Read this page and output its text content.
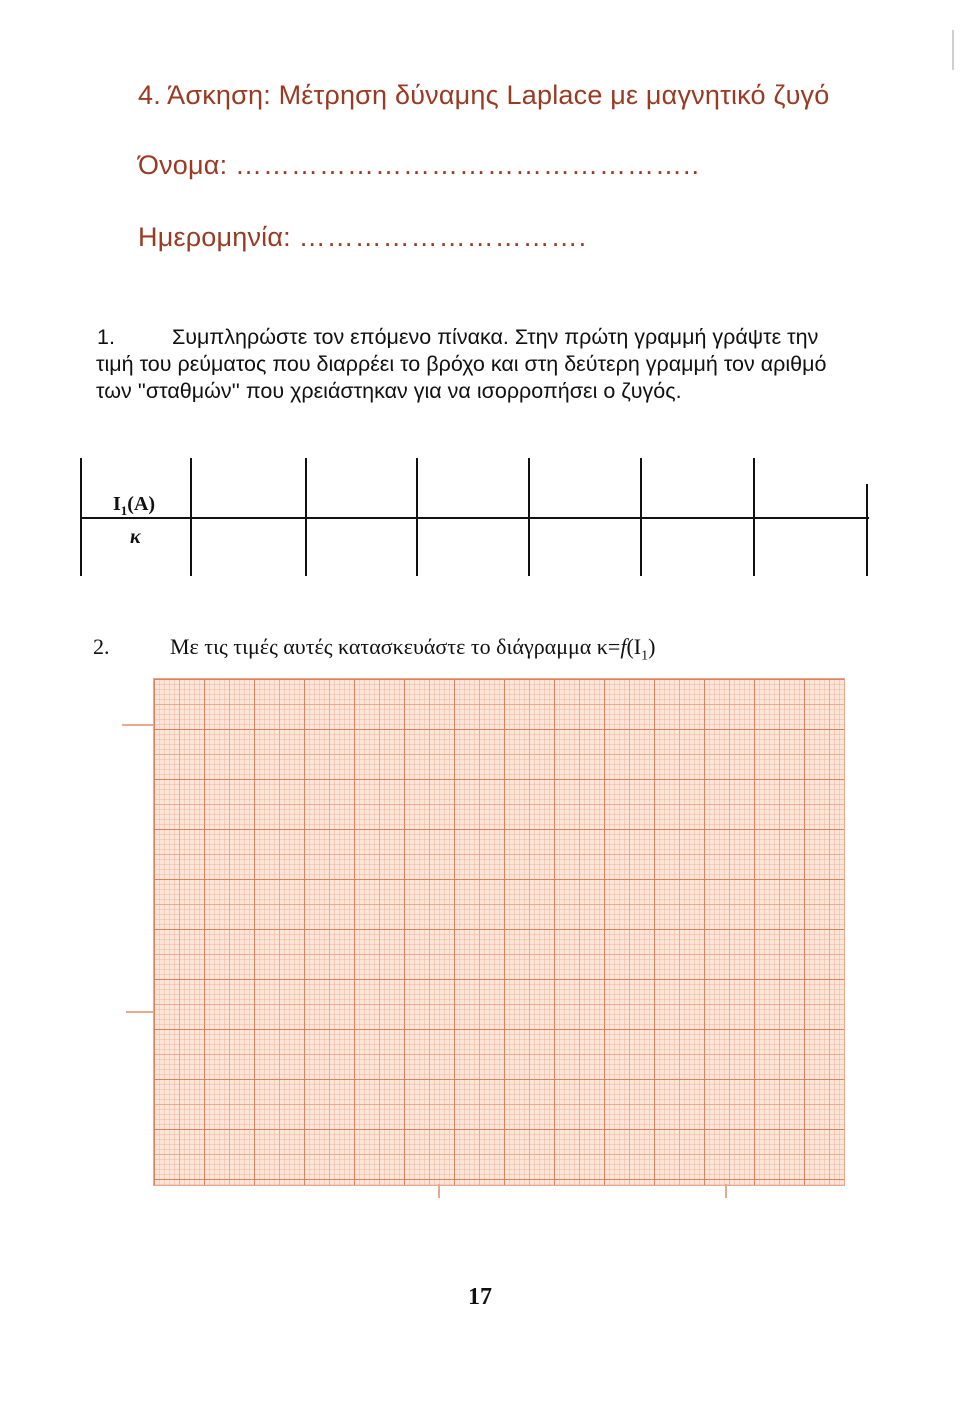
4. Άσκηση: Μέτρηση δύναμης Laplace με μαγνητικό ζυγό
Όνομα: …………………………………………..
Ημερομηνία: ………………………….
1.	Συμπληρώστε τον επόμενο πίνακα. Στην πρώτη γραμμή γράψτε την
τιμή του ρεύματος που διαρρέει το βρόχο και στη δεύτερη γραμμή τον αριθμό
των ''σταθμών'' που χρειάστηκαν για να ισορροπήσει ο ζυγός.
$I_1(A)$
κ
2.	Με τις τιμές αυτές κατασκευάστε το διάγραμμα $\kappa=f(I_1)$
17
